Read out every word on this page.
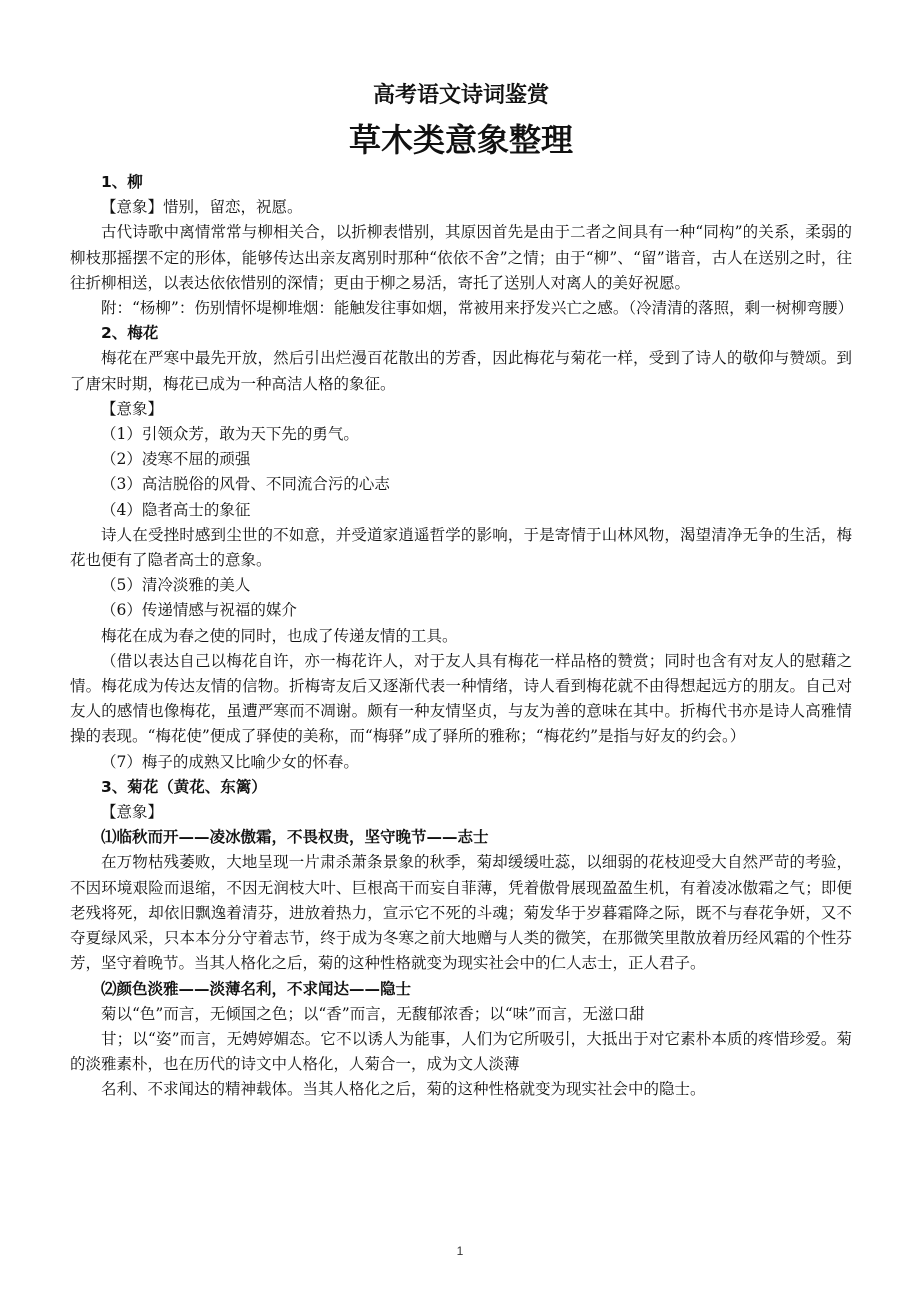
高考语文诗词鉴赏
草木类意象整理

1、柳

【意象】惜别，留恋，祝愿。

古代诗歌中离情常常与柳相关合，以折柳表惜别，其原因首先是由于二者之间具有一种“同构”的关系，柔弱的柳枝那摇摆不定的形体，能够传达出亲友离别时那种“依依不舍”之情；由于“柳”、“留”谐音，古人在送别之时，往往折柳相送，以表达依依惜别的深情；更由于柳之易活，寄托了送别人对离人的美好祝愿。

附：“杨柳”：伤别情怀堤柳堆烟：能触发往事如烟，常被用来抒发兴亡之感。（冷清清的落照，剩一树柳弯腰）

2、梅花

梅花在严寒中最先开放，然后引出烂漫百花散出的芳香，因此梅花与菊花一样，受到了诗人的敬仰与赞颂。到了唐宋时期，梅花已成为一种高洁人格的象征。

【意象】

（1）引领众芳，敢为天下先的勇气。

（2）凌寒不屈的顽强

（3）高洁脱俗的风骨、不同流合污的心志

（4）隐者高士的象征

诗人在受挫时感到尘世的不如意，并受道家逍遥哲学的影响，于是寄情于山林风物，渴望清净无争的生活，梅花也便有了隐者高士的意象。

（5）清冷淡雅的美人

（6）传递情感与祝福的媒介

梅花在成为春之使的同时，也成了传递友情的工具。

（借以表达自己以梅花自许，亦一梅花许人，对于友人具有梅花一样品格的赞赏；同时也含有对友人的慰藉之情。梅花成为传达友情的信物。折梅寄友后又逐渐代表一种情绪，诗人看到梅花就不由得想起远方的朋友。自己对友人的感情也像梅花，虽遭严寒而不凋谢。颇有一种友情坚贞，与友为善的意味在其中。折梅代书亦是诗人高雅情操的表现。“梅花使”便成了驿使的美称，而“梅驿”成了驿所的雅称；“梅花约”是指与好友的约会。）

（7）梅子的成熟又比喻少女的怀春。

3、菊花（黄花、东篱）

【意象】

⑴临秋而开——凌冰傲霜，不畏权贵，坚守晚节——志士

在万物枯残萎败，大地呈现一片肃杀萧条景象的秋季，菊却缓缓吐蕊，以细弱的花枝迎受大自然严苛的考验，不因环境艰险而退缩，不因无润枝大叶、巨根高干而妄自菲薄，凭着傲骨展现盈盈生机，有着凌冰傲霜之气；即便老残将死，却依旧飘逸着清芬，进放着热力，宣示它不死的斗魂；菊发华于岁暮霜降之际，既不与春花争妍，又不夺夏绿风采，只本本分分守着志节，终于成为冬寒之前大地赠与人类的微笑，在那微笑里散放着历经风霜的个性芬芳，坚守着晚节。当其人格化之后，菊的这种性格就变为现实社会中的仁人志士，正人君子。

⑵颜色淡雅——淡薄名利，不求闻达——隐士

菊以“色”而言，无倾国之色；以“香”而言，无馥郁浓香；以“味”而言，无滋口甜

甘；以“姿”而言，无娉婷媚态。它不以诱人为能事，人们为它所吸引，大抵出于对它素朴本质的疼惜珍爱。菊的淡雅素朴，也在历代的诗文中人格化，人菊合一，成为文人淡薄

名利、不求闻达的精神载体。当其人格化之后，菊的这种性格就变为现实社会中的隐士。

1
